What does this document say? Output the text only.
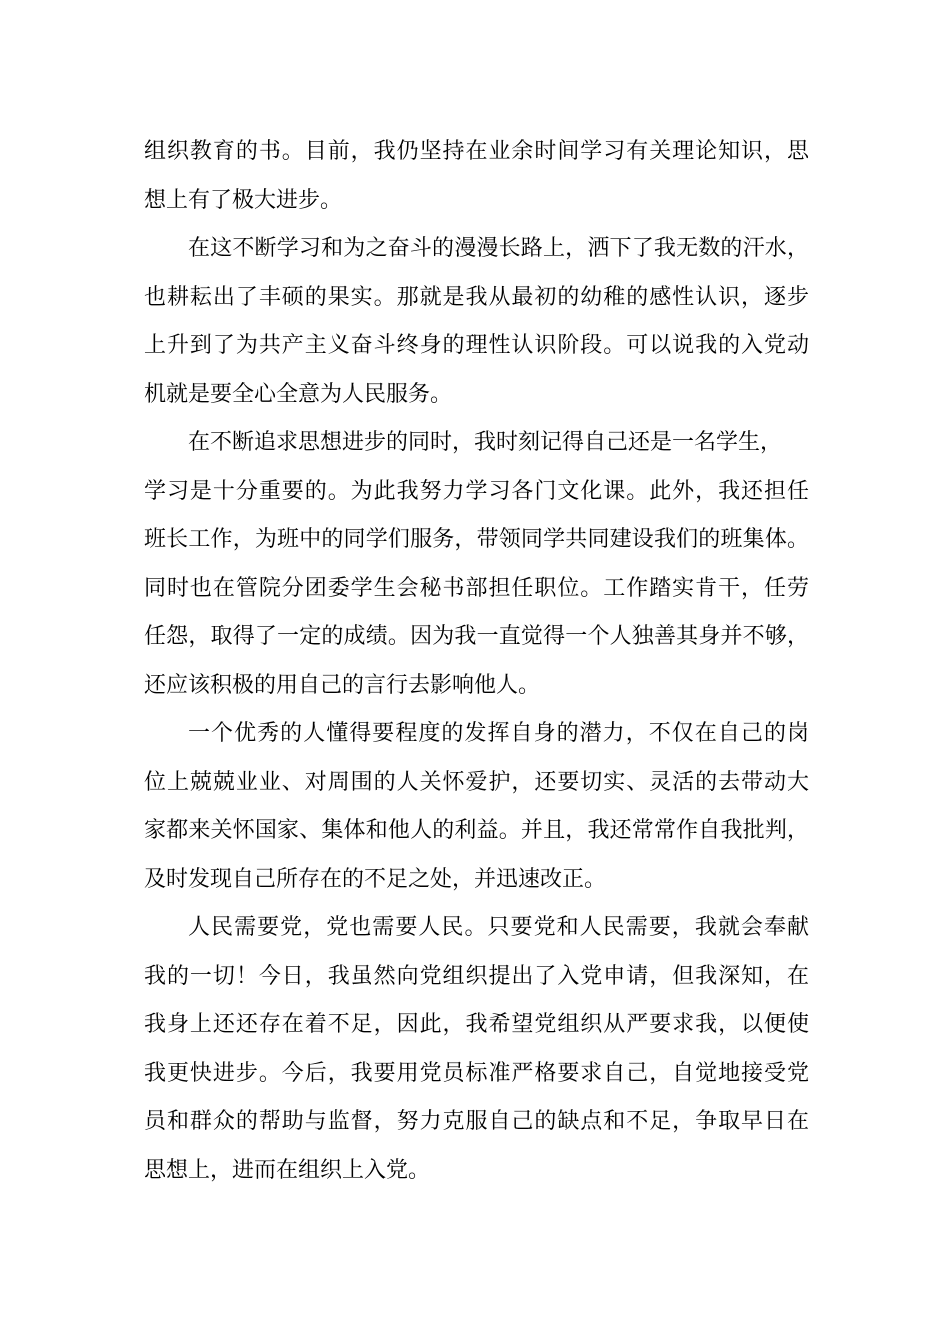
组织教育的书。目前，我仍坚持在业余时间学习有关理论知识，思
想上有了极大进步。
在这不断学习和为之奋斗的漫漫长路上，洒下了我无数的汗水，
也耕耘出了丰硕的果实。那就是我从最初的幼稚的感性认识，逐步
上升到了为共产主义奋斗终身的理性认识阶段。可以说我的入党动
机就是要全心全意为人民服务。
在不断追求思想进步的同时，我时刻记得自己还是一名学生，
学习是十分重要的。为此我努力学习各门文化课。此外，我还担任
班长工作，为班中的同学们服务，带领同学共同建设我们的班集体。
同时也在管院分团委学生会秘书部担任职位。工作踏实肯干，任劳
任怨，取得了一定的成绩。因为我一直觉得一个人独善其身并不够，
还应该积极的用自己的言行去影响他人。
一个优秀的人懂得要程度的发挥自身的潜力，不仅在自己的岗
位上兢兢业业、对周围的人关怀爱护，还要切实、灵活的去带动大
家都来关怀国家、集体和他人的利益。并且，我还常常作自我批判，
及时发现自己所存在的不足之处，并迅速改正。
人民需要党，党也需要人民。只要党和人民需要，我就会奉献
我的一切！今日，我虽然向党组织提出了入党申请，但我深知，在
我身上还还存在着不足，因此，我希望党组织从严要求我，以便使
我更快进步。今后，我要用党员标准严格要求自己，自觉地接受党
员和群众的帮助与监督，努力克服自己的缺点和不足，争取早日在
思想上，进而在组织上入党。
